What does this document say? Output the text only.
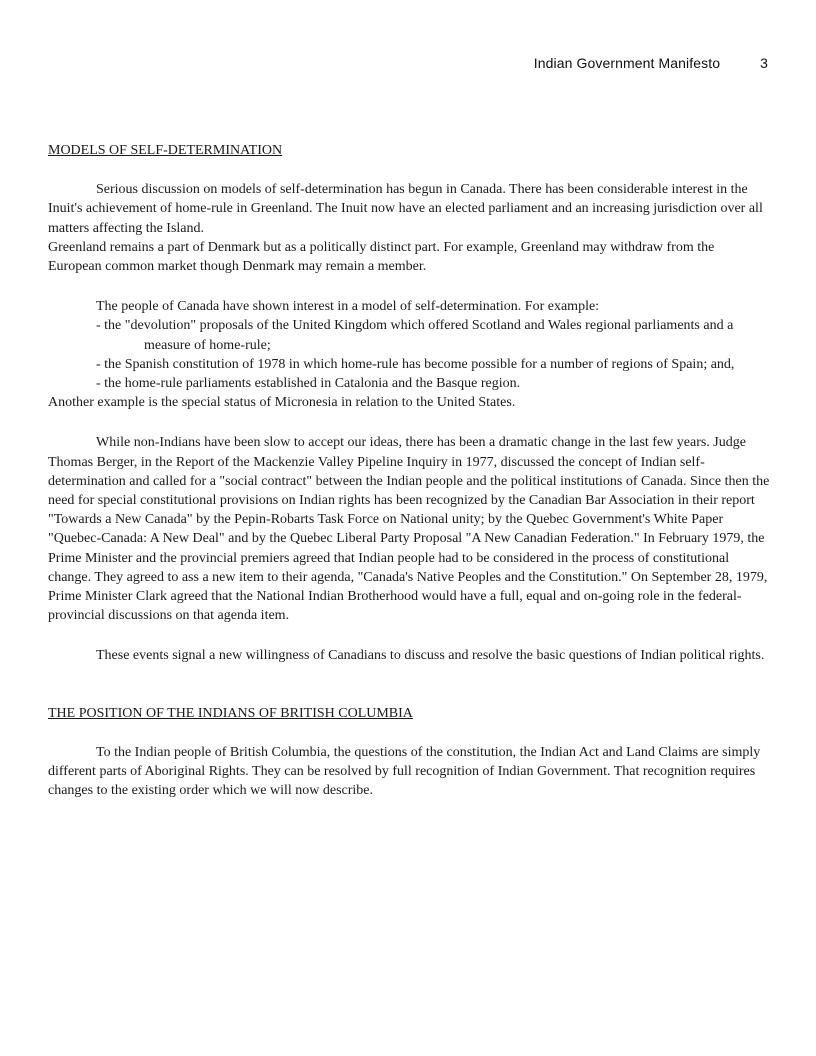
Indian Government Manifesto	3

MODELS OF SELF-DETERMINATION

Serious discussion on models of self-determination has begun in Canada. There has been considerable interest in the Inuit's achievement of home-rule in Greenland. The Inuit now have an elected parliament and an increasing jurisdiction over all matters affecting the Island.

Greenland remains a part of Denmark but as a politically distinct part. For example, Greenland may withdraw from the European common market though Denmark may remain a member.

The people of Canada have shown interest in a model of self-determination. For example:

- the "devolution" proposals of the United Kingdom which offered Scotland and Wales regional parliaments and a measure of home-rule;

- the Spanish constitution of 1978 in which home-rule has become possible for a number of regions of Spain; and,

- the home-rule parliaments established in Catalonia and the Basque region.

Another example is the special status of Micronesia in relation to the United States.

While non-Indians have been slow to accept our ideas, there has been a dramatic change in the last few years. Judge Thomas Berger, in the Report of the Mackenzie Valley Pipeline Inquiry in 1977, discussed the concept of Indian self-determination and called for a "social contract" between the Indian people and the political institutions of Canada. Since then the need for special constitutional provisions on Indian rights has been recognized by the Canadian Bar Association in their report "Towards a New Canada" by the Pepin-Robarts Task Force on National unity; by the Quebec Government's White Paper "Quebec-Canada: A New Deal" and by the Quebec Liberal Party Proposal "A New Canadian Federation." In February 1979, the Prime Minister and the provincial premiers agreed that Indian people had to be considered in the process of constitutional change. They agreed to ass a new item to their agenda, "Canada's Native Peoples and the Constitution." On September 28, 1979, Prime Minister Clark agreed that the National Indian Brotherhood would have a full, equal and on-going role in the federal-provincial discussions on that agenda item.

These events signal a new willingness of Canadians to discuss and resolve the basic questions of Indian political rights.

THE POSITION OF THE INDIANS OF BRITISH COLUMBIA

To the Indian people of British Columbia, the questions of the constitution, the Indian Act and Land Claims are simply different parts of Aboriginal Rights. They can be resolved by full recognition of Indian Government. That recognition requires changes to the existing order which we will now describe.
